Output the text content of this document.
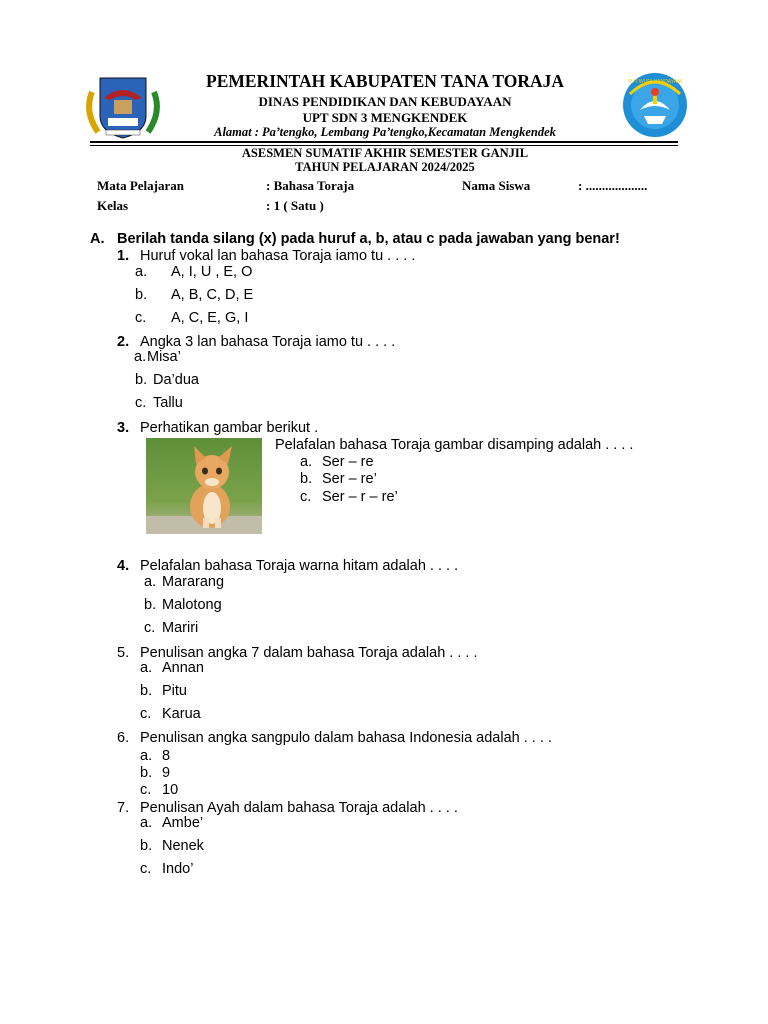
TUT WURI HANDAYANI
PEMERINTAH KABUPATEN TANA TORAJA
DINAS PENDIDIKAN DAN KEBUDAYAAN
UPT SDN 3 MENGKENDEK
Alamat : Pa’tengko, Lembang Pa’tengko,Kecamatan Mengkendek
ASESMEN SUMATIF AKHIR SEMESTER GANJIL
TAHUN PELAJARAN 2024/2025
Mata Pelajaran	: Bahasa Toraja	Nama Siswa	: ...................
Kelas	: 1 ( Satu )
A. Berilah tanda silang (x) pada huruf a, b, atau c pada jawaban yang benar!
1. Huruf vokal lan bahasa Toraja iamo tu . . . .
a. A, I, U , E, O
b. A, B, C, D, E
c. A, C, E, G, I
2. Angka 3 lan bahasa Toraja iamo tu . . . .
a. Misa’
b. Da’dua
c. Tallu
3. Perhatikan gambar berikut .
Pelafalan bahasa Toraja gambar disamping adalah . . . .
a. Ser – re
b. Ser – re’
c. Ser – r – re’
4. Pelafalan bahasa Toraja warna hitam adalah . . . .
a. Mararang
b. Malotong
c. Mariri
5. Penulisan angka 7 dalam bahasa Toraja adalah . . . .
a. Annan
b. Pitu
c. Karua
6. Penulisan angka sangpulo dalam bahasa Indonesia adalah . . . .
a. 8
b. 9
c. 10
7. Penulisan Ayah dalam bahasa Toraja adalah . . . .
a. Ambe’
b. Nenek
c. Indo’
